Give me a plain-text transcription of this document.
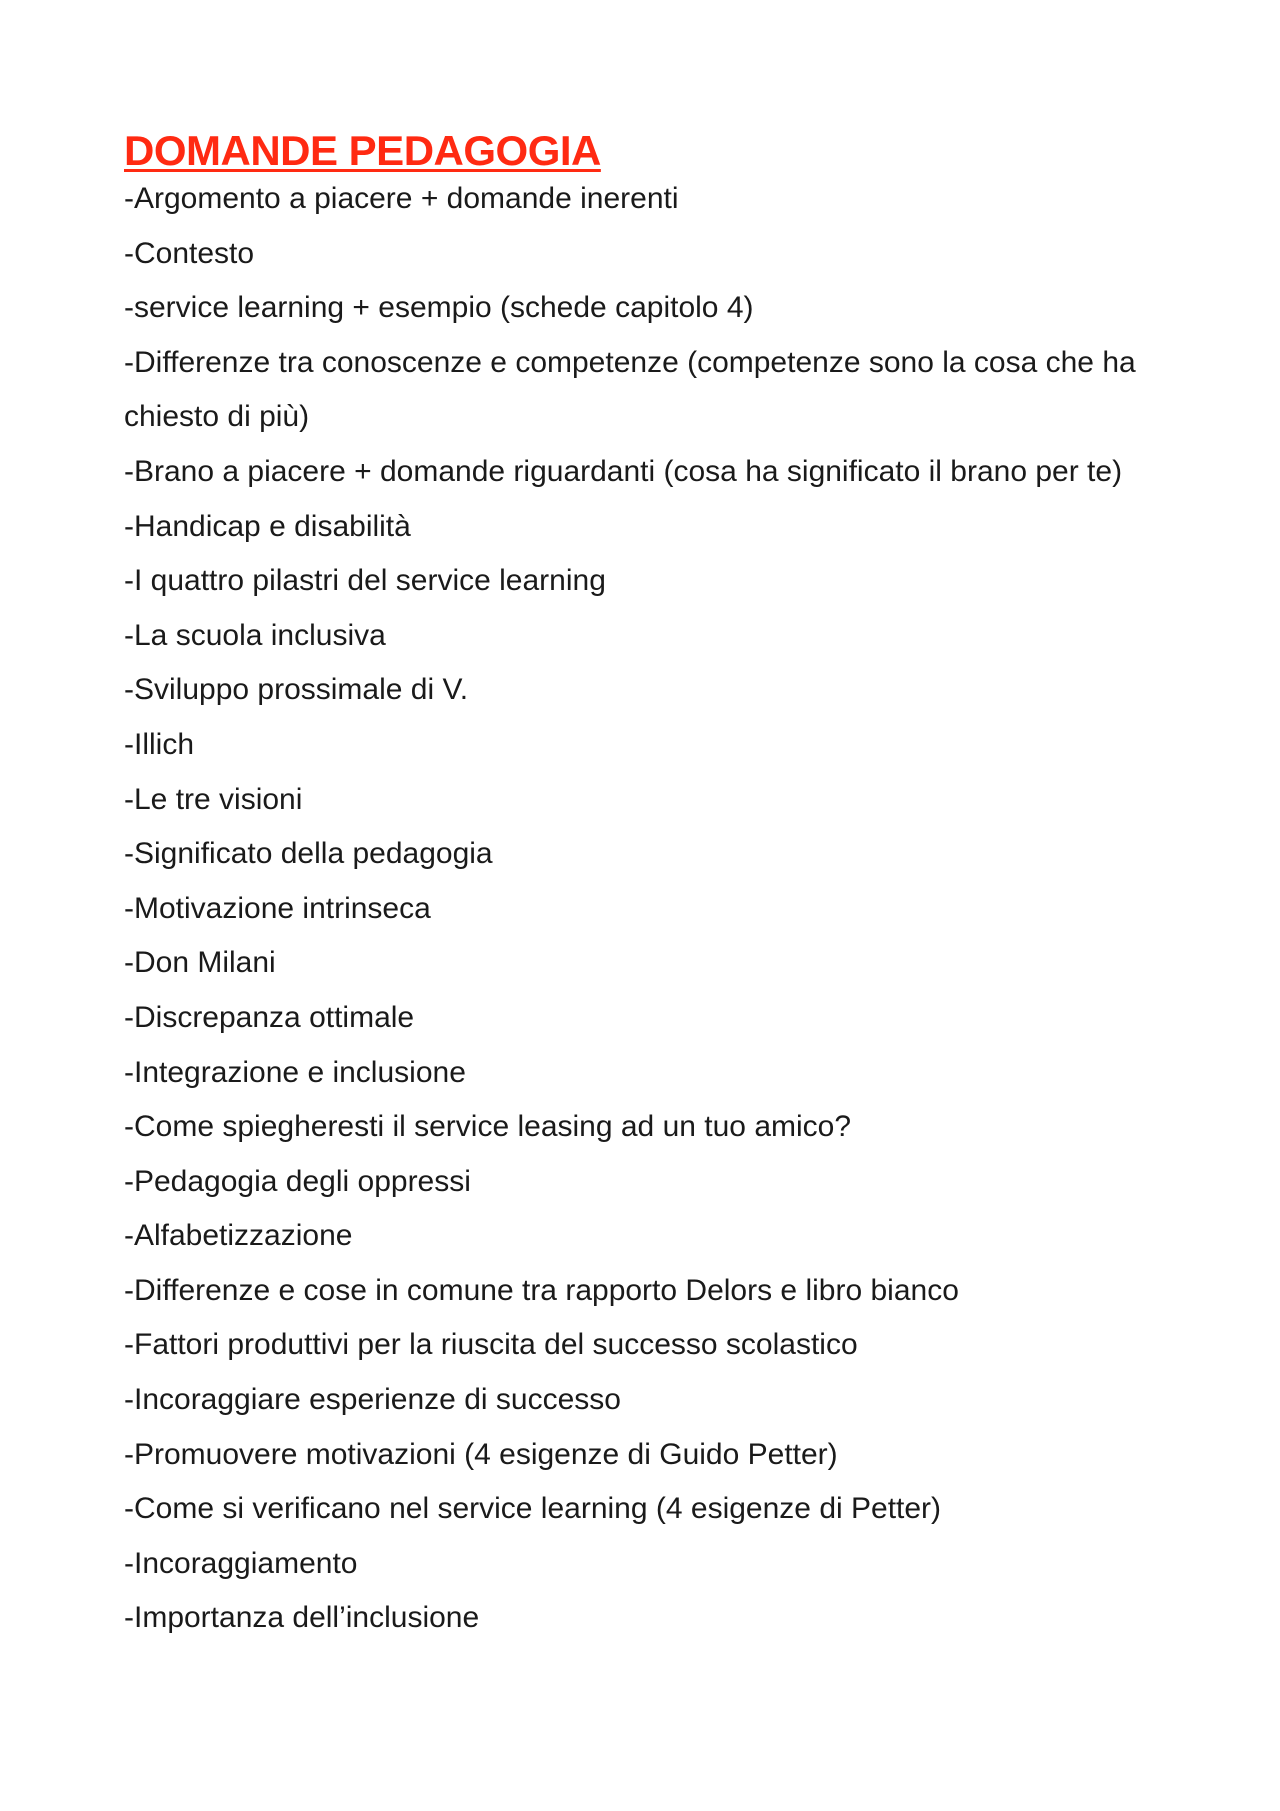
DOMANDE PEDAGOGIA
-Argomento a piacere + domande inerenti
-Contesto
-service learning + esempio (schede capitolo 4)
-Differenze tra conoscenze e competenze (competenze sono la cosa che ha chiesto di più)
-Brano a piacere + domande riguardanti (cosa ha significato il brano per te)
-Handicap e disabilità
-I quattro pilastri del service learning
-La scuola inclusiva
-Sviluppo prossimale di V.
-Illich
-Le tre visioni
-Significato della pedagogia
-Motivazione intrinseca
-Don Milani
-Discrepanza ottimale
-Integrazione e inclusione
-Come spiegheresti il service leasing ad un tuo amico?
-Pedagogia degli oppressi
-Alfabetizzazione
-Differenze e cose in comune tra rapporto Delors e libro bianco
-Fattori produttivi per la riuscita del successo scolastico
-Incoraggiare esperienze di successo
-Promuovere motivazioni (4 esigenze di Guido Petter)
-Come si verificano nel service learning (4 esigenze di Petter)
-Incoraggiamento
-Importanza dell’inclusione
